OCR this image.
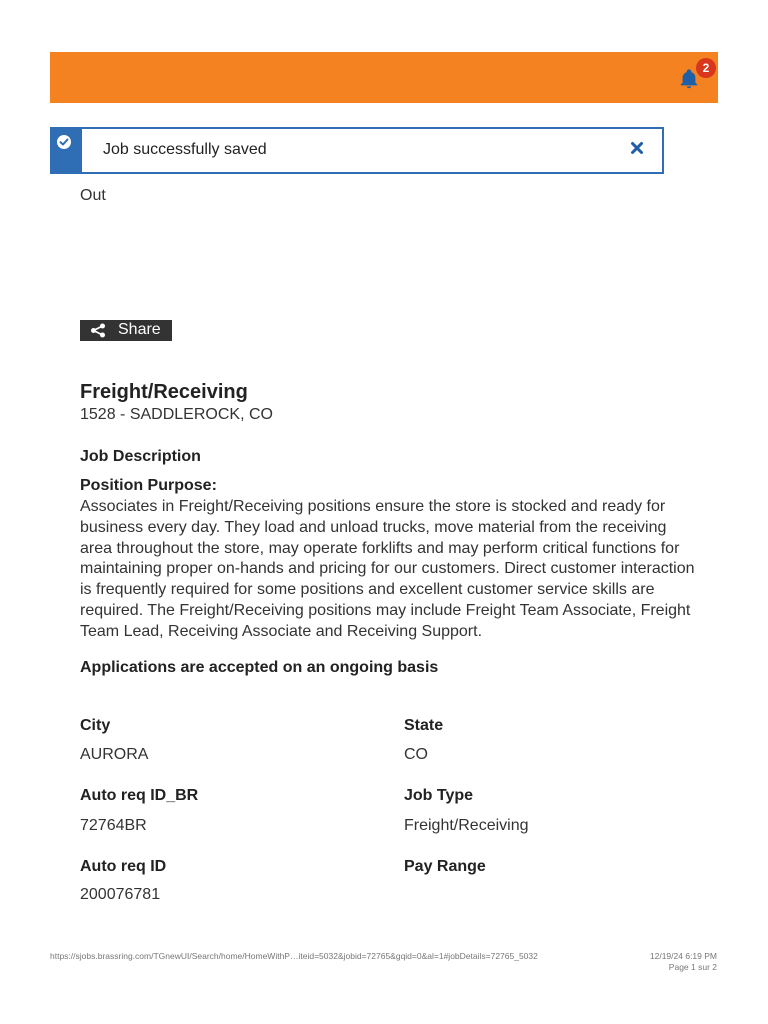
2
Job successfully saved
Out
Share
Freight/Receiving
1528 - SADDLEROCK, CO
Job Description
Position Purpose:

Associates in Freight/Receiving positions ensure the store is stocked and ready for business every day. They load and unload trucks, move material from the receiving area throughout the store, may operate forklifts and may perform critical functions for maintaining proper on-hands and pricing for our customers. Direct customer interaction is frequently required for some positions and excellent customer service skills are required. The Freight/Receiving positions may include Freight Team Associate, Freight Team Lead, Receiving Associate and Receiving Support.

Applications are accepted on an ongoing basis
City
AURORA
State
CO
Auto req ID_BR
72764BR
Job Type
Freight/Receiving
Auto req ID
200076781
Pay Range
https://sjobs.brassring.com/TGnewUI/Search/home/HomeWithP…iteid=5032&jobid=72765&gqid=0&al=1#jobDetails=72765_5032	12/19/24 6:19 PM
Page 1 sur 2
